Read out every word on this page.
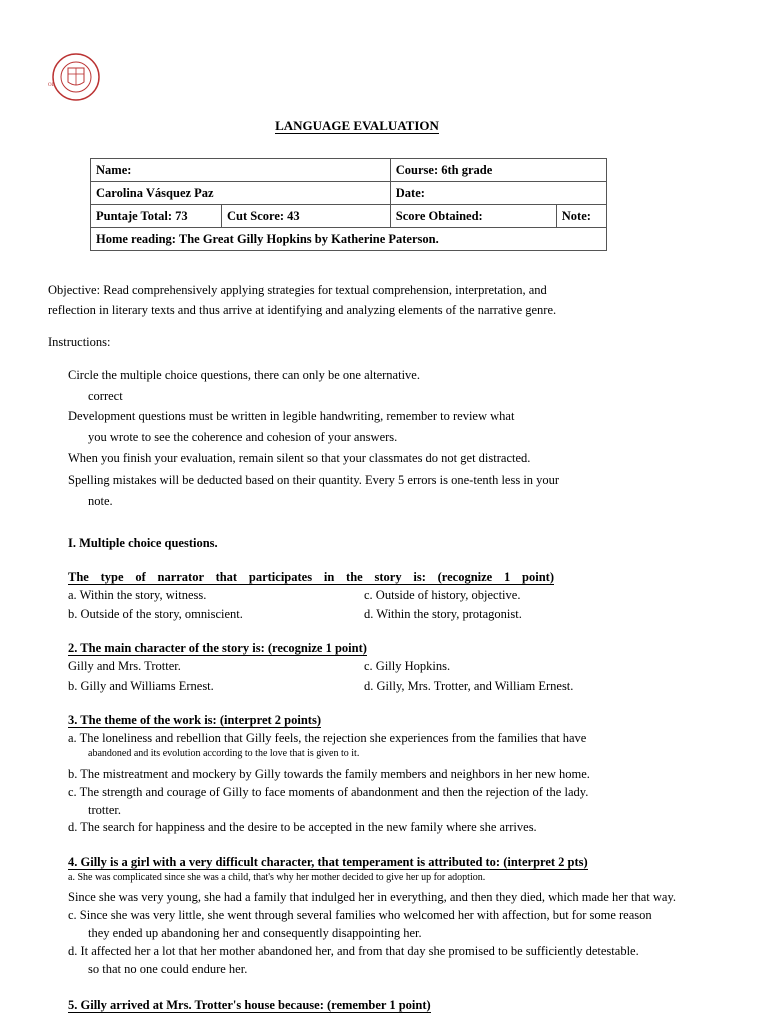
OL
LANGUAGE EVALUATION
Name:		Course: 6th grade	
Carolina Vásquez Paz		Date:	
Puntaje Total: 73	Cut Score: 43	Score Obtained:	Note:
Home reading: The Great Gilly Hopkins by Katherine Paterson.			
Objective: Read comprehensively applying strategies for textual comprehension, interpretation, and
reflection in literary texts and thus arrive at identifying and analyzing elements of the narrative genre.
Instructions:
Circle the multiple choice questions, there can only be one alternative.
correct
Development questions must be written in legible handwriting, remember to review what
you wrote to see the coherence and cohesion of your answers.
When you finish your evaluation, remain silent so that your classmates do not get distracted.
Spelling mistakes will be deducted based on their quantity. Every 5 errors is one-tenth less in your
note.
I. Multiple choice questions.
The type of narrator that participates in the story is: (recognize 1 point)
a. Within the story, witness.	c. Outside of history, objective.
b. Outside of the story, omniscient.	d. Within the story, protagonist.
2. The main character of the story is: (recognize 1 point)
Gilly and Mrs. Trotter.	c. Gilly Hopkins.
b. Gilly and Williams Ernest.	d. Gilly, Mrs. Trotter, and William Ernest.
3. The theme of the work is: (interpret 2 points)
a. The loneliness and rebellion that Gilly feels, the rejection she experiences from the families that have
abandoned and its evolution according to the love that is given to it.
b. The mistreatment and mockery by Gilly towards the family members and neighbors in her new home.
c. The strength and courage of Gilly to face moments of abandonment and then the rejection of the lady.
trotter.
d. The search for happiness and the desire to be accepted in the new family where she arrives.
4. Gilly is a girl with a very difficult character, that temperament is attributed to: (interpret 2 pts)
a. She was complicated since she was a child, that's why her mother decided to give her up for adoption.
Since she was very young, she had a family that indulged her in everything, and then they died, which made her that way.
c. Since she was very little, she went through several families who welcomed her with affection, but for some reason
they ended up abandoning her and consequently disappointing her.
d. It affected her a lot that her mother abandoned her, and from that day she promised to be sufficiently detestable.
so that no one could endure her.
5. Gilly arrived at Mrs. Trotter's house because: (remember 1 point)
